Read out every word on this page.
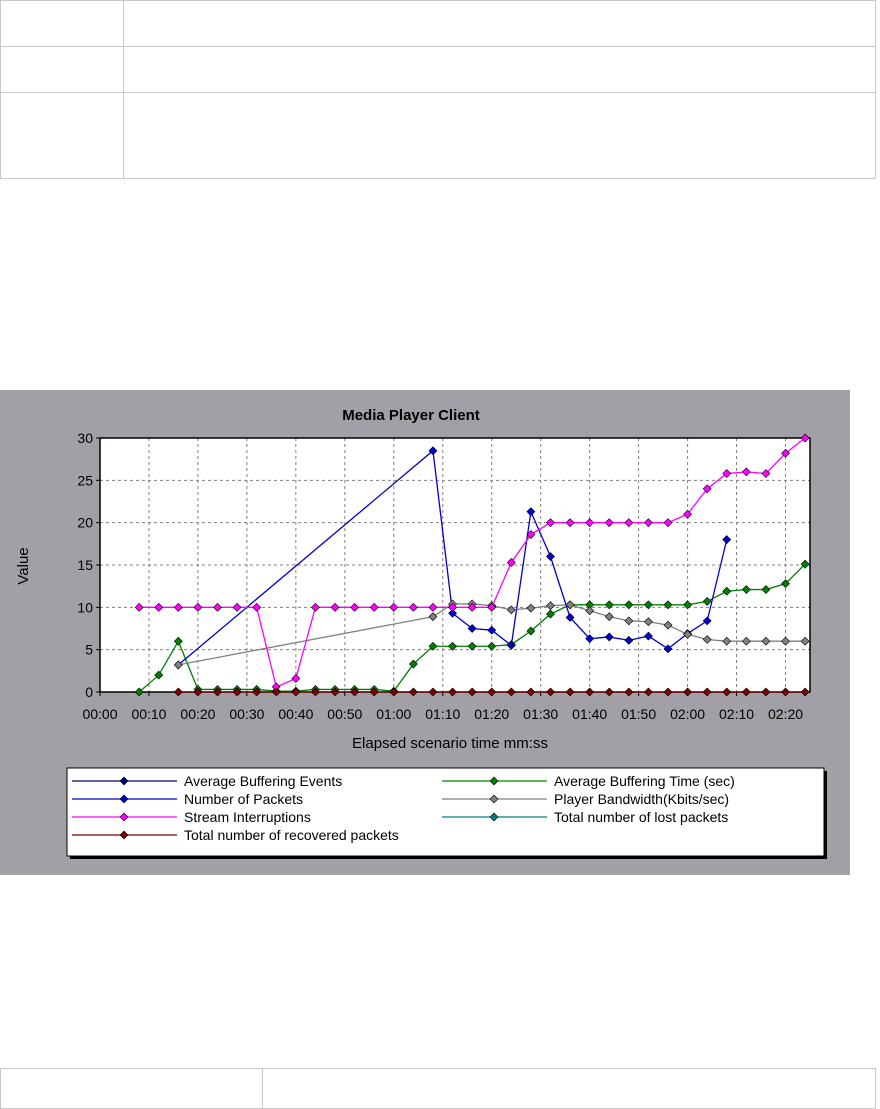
Media Player Client
Value
Elapsed scenario time mm:ss
0
5
10
15
20
25
30
00:00 00:10 00:20 00:30 00:40 00:50 01:00 01:10 01:20 01:30 01:40 01:50 02:00 02:10 02:20
Average Buffering Events	Average Buffering Time (sec)
Number of Packets	Player Bandwidth(Kbits/sec)
Stream Interruptions	Total number of lost packets
Total number of recovered packets
